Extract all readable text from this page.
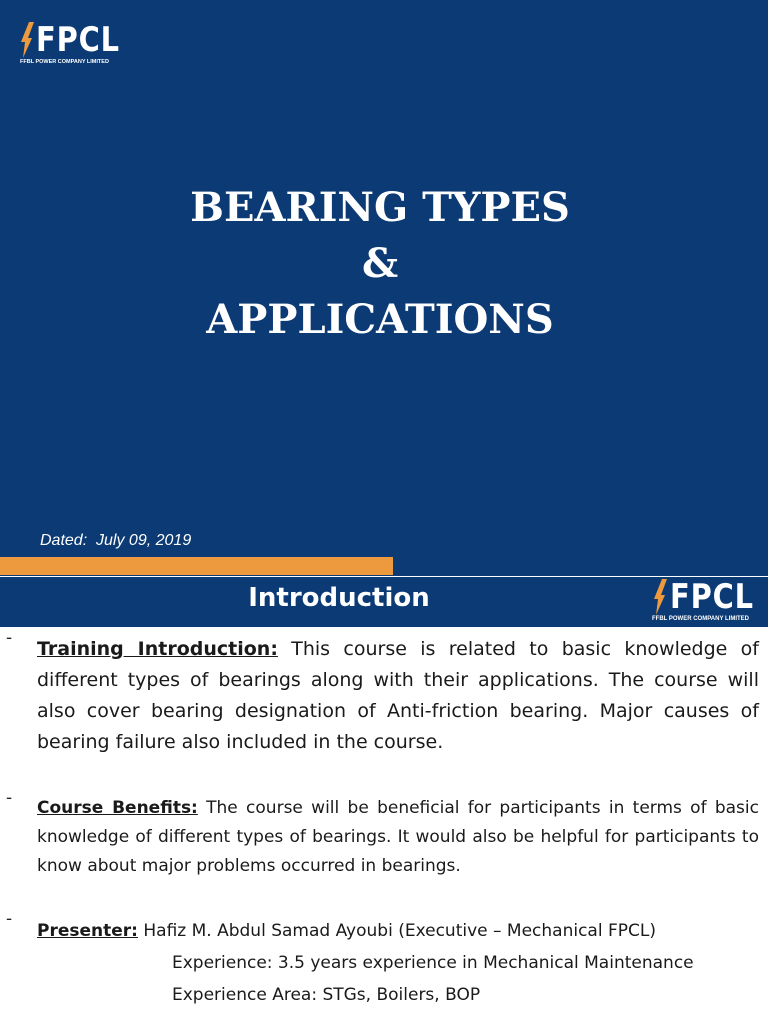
FPCL
FFBL POWER COMPANY LIMITED
BEARING TYPES
&
APPLICATIONS
Dated:  July 09, 2019
Introduction	FPCL
FFBL POWER COMPANY LIMITED
- Training Introduction: This course is related to basic knowledge of different types of bearings along with their applications. The course will also cover bearing designation of Anti-friction bearing. Major causes of bearing failure also included in the course.

- Course Benefits: The course will be beneficial for participants in terms of basic knowledge of different types of bearings. It would also be helpful for participants to know about major problems occurred in bearings.

-

Presenter: Hafiz M. Abdul Samad Ayoubi (Executive – Mechanical FPCL)
Experience: 3.5 years experience in Mechanical Maintenance
Experience Area: STGs, Boilers, BOP
